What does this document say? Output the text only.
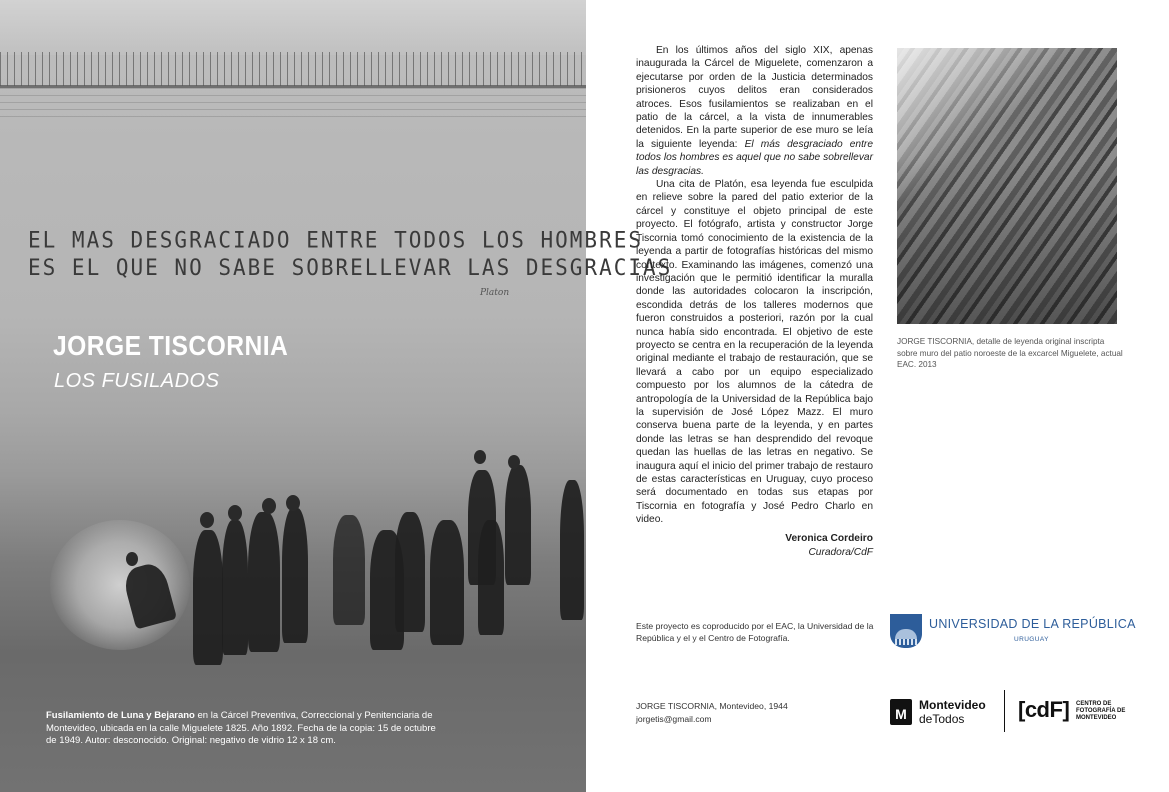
EL MAS DESGRACIADO ENTRE TODOS LOS HOMBRES
ES EL QUE NO SABE SOBRELLEVAR LAS DESGRACIAS
Platon
JORGE TISCORNIA
LOS FUSILADOS
Fusilamiento de Luna y Bejarano en la Cárcel Preventiva, Correccional y Penitenciaria de Montevideo, ubicada en la calle Miguelete 1825. Año 1892. Fecha de la copia: 15 de octubre de 1949. Autor: desconocido. Original: negativo de vidrio 12 x 18 cm.

En los últimos años del siglo XIX, apenas inaugurada la Cárcel de Miguelete, comenzaron a ejecutarse por orden de la Justicia determinados prisioneros cuyos delitos eran considerados atroces. Esos fusilamientos se realizaban en el patio de la cárcel, a la vista de innumerables detenidos. En la parte superior de ese muro se leía la siguiente leyenda: El más desgraciado entre todos los hombres es aquel que no sabe sobrellevar las desgracias.

Una cita de Platón, esa leyenda fue esculpida en relieve sobre la pared del patio exterior de la cárcel y constituye el objeto principal de este proyecto. El fotógrafo, artista y constructor Jorge Tiscornia tomó conocimiento de la existencia de la leyenda a partir de fotografías históricas del mismo contexto. Examinando las imágenes, comenzó una investigación que le permitió identificar la muralla donde las autoridades colocaron la inscripción, escondida detrás de los talleres modernos que fueron construidos a posteriori, razón por la cual nunca había sido encontrada. El objetivo de este proyecto se centra en la recuperación de la leyenda original mediante el trabajo de restauración, que se llevará a cabo por un equipo especializado compuesto por los alumnos de la cátedra de antropología de la Universidad de la República bajo la supervisión de José López Mazz. El muro conserva buena parte de la leyenda, y en partes donde las letras se han desprendido del revoque quedan las huellas de las letras en negativo. Se inaugura aquí el inicio del primer trabajo de restauro de estas características en Uruguay, cuyo proceso será documentado en todas sus etapas por Tiscornia en fotografía y José Pedro Charlo en video.

Veronica Cordeiro
Curadora/CdF
JORGE TISCORNIA, detalle de leyenda original inscripta sobre muro del patio noroeste de la excarcel Miguelete, actual EAC. 2013
Este proyecto es coproducido por el EAC, la Universidad de la República y el y el Centro de Fotografía.
JORGE TISCORNIA, Montevideo, 1944
jorgetis@gmail.com
UNIVERSIDAD DE LA REPÚBLICA
URUGUAY
M
Montevideo
deTodos [cdF] CENTRO DE FOTOGRAFÍA DE MONTEVIDEO
